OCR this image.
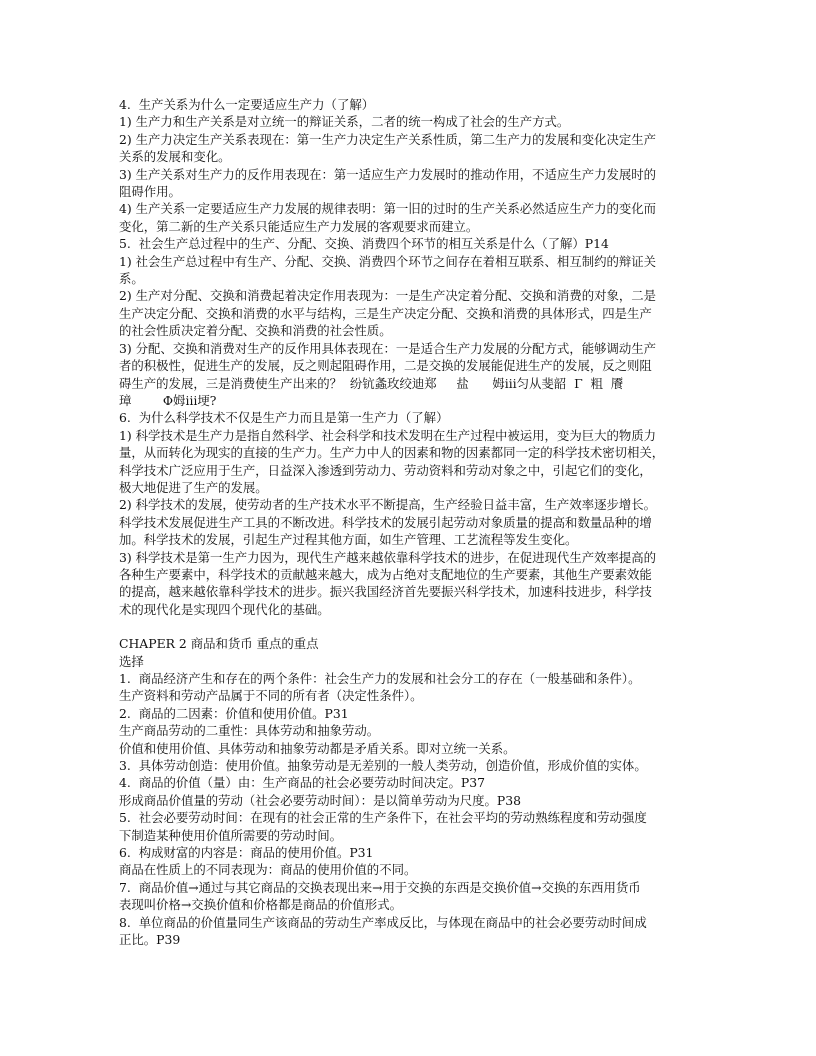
4.  生产关系为什么一定要适应生产力（了解）
1) 生产力和生产关系是对立统一的辩证关系，二者的统一构成了社会的生产方式。
2) 生产力决定生产关系表现在：第一生产力决定生产关系性质，第二生产力的发展和变化决定生产
关系的发展和变化。
3) 生产关系对生产力的反作用表现在：第一适应生产力发展时的推动作用，不适应生产力发展时的
阻碍作用。
4) 生产关系一定要适应生产力发展的规律表明：第一旧的过时的生产关系必然适应生产力的变化而
变化，第二新的生产关系只能适应生产力发展的客观要求而建立。
5.  社会生产总过程中的生产、分配、交换、消费四个环节的相互关系是什么（了解）P14
1) 社会生产总过程中有生产、分配、交换、消费四个环节之间存在着相互联系、相互制约的辩证关
系。
2) 生产对分配、交换和消费起着决定作用表现为：一是生产决定着分配、交换和消费的对象，二是
生产决定分配、交换和消费的水平与结构，三是生产决定分配、交换和消费的具体形式，四是生产
的社会性质决定着分配、交换和消费的社会性质。
3) 分配、交换和消费对生产的反作用具体表现在：一是适合生产力发展的分配方式，能够调动生产
者的积极性，促进生产的发展，反之则起阻碍作用，二是交换的发展能促进生产的发展，反之则阻
碍生产的发展，三是消费使生产出来的？  纷钪螽玫绞迪郑     盐      姆ⅲ匀从斐韶  Γ  粗  餍
璋        Φ姆ⅲ埂?
6.  为什么科学技术不仅是生产力而且是第一生产力（了解）
1) 科学技术是生产力是指自然科学、社会科学和技术发明在生产过程中被运用，变为巨大的物质力
量，从而转化为现实的直接的生产力。生产力中人的因素和物的因素都同一定的科学技术密切相关，
科学技术广泛应用于生产，日益深入渗透到劳动力、劳动资料和劳动对象之中，引起它们的变化，
极大地促进了生产的发展。
2) 科学技术的发展，使劳动者的生产技术水平不断提高，生产经验日益丰富，生产效率逐步增长。
科学技术发展促进生产工具的不断改进。科学技术的发展引起劳动对象质量的提高和数量品种的增
加。科学技术的发展，引起生产过程其他方面，如生产管理、工艺流程等发生变化。
3) 科学技术是第一生产力因为，现代生产越来越依靠科学技术的进步，在促进现代生产效率提高的
各种生产要素中，科学技术的贡献越来越大，成为占绝对支配地位的生产要素，其他生产要素效能
的提高，越来越依靠科学技术的进步。振兴我国经济首先要振兴科学技术，加速科技进步，科学技
术的现代化是实现四个现代化的基础。
CHAPER 2 商品和货币 重点的重点
选择
1.  商品经济产生和存在的两个条件：社会生产力的发展和社会分工的存在（一般基础和条件）。
生产资料和劳动产品属于不同的所有者（决定性条件）。
2.  商品的二因素：价值和使用价值。P31
生产商品劳动的二重性：具体劳动和抽象劳动。
价值和使用价值、具体劳动和抽象劳动都是矛盾关系。即对立统一关系。
3.  具体劳动创造：使用价值。抽象劳动是无差别的一般人类劳动，创造价值，形成价值的实体。
4.  商品的价值（量）由：生产商品的社会必要劳动时间决定。P37
形成商品价值量的劳动（社会必要劳动时间）：是以简单劳动为尺度。P38
5.  社会必要劳动时间：在现有的社会正常的生产条件下，在社会平均的劳动熟练程度和劳动强度
下制造某种使用价值所需要的劳动时间。
6.  构成财富的内容是：商品的使用价值。P31
商品在性质上的不同表现为：商品的使用价值的不同。
7.  商品价值→通过与其它商品的交换表现出来→用于交换的东西是交换价值→交换的东西用货币
表现叫价格→交换价值和价格都是商品的价值形式。
8.  单位商品的价值量同生产该商品的劳动生产率成反比，与体现在商品中的社会必要劳动时间成
正比。P39
